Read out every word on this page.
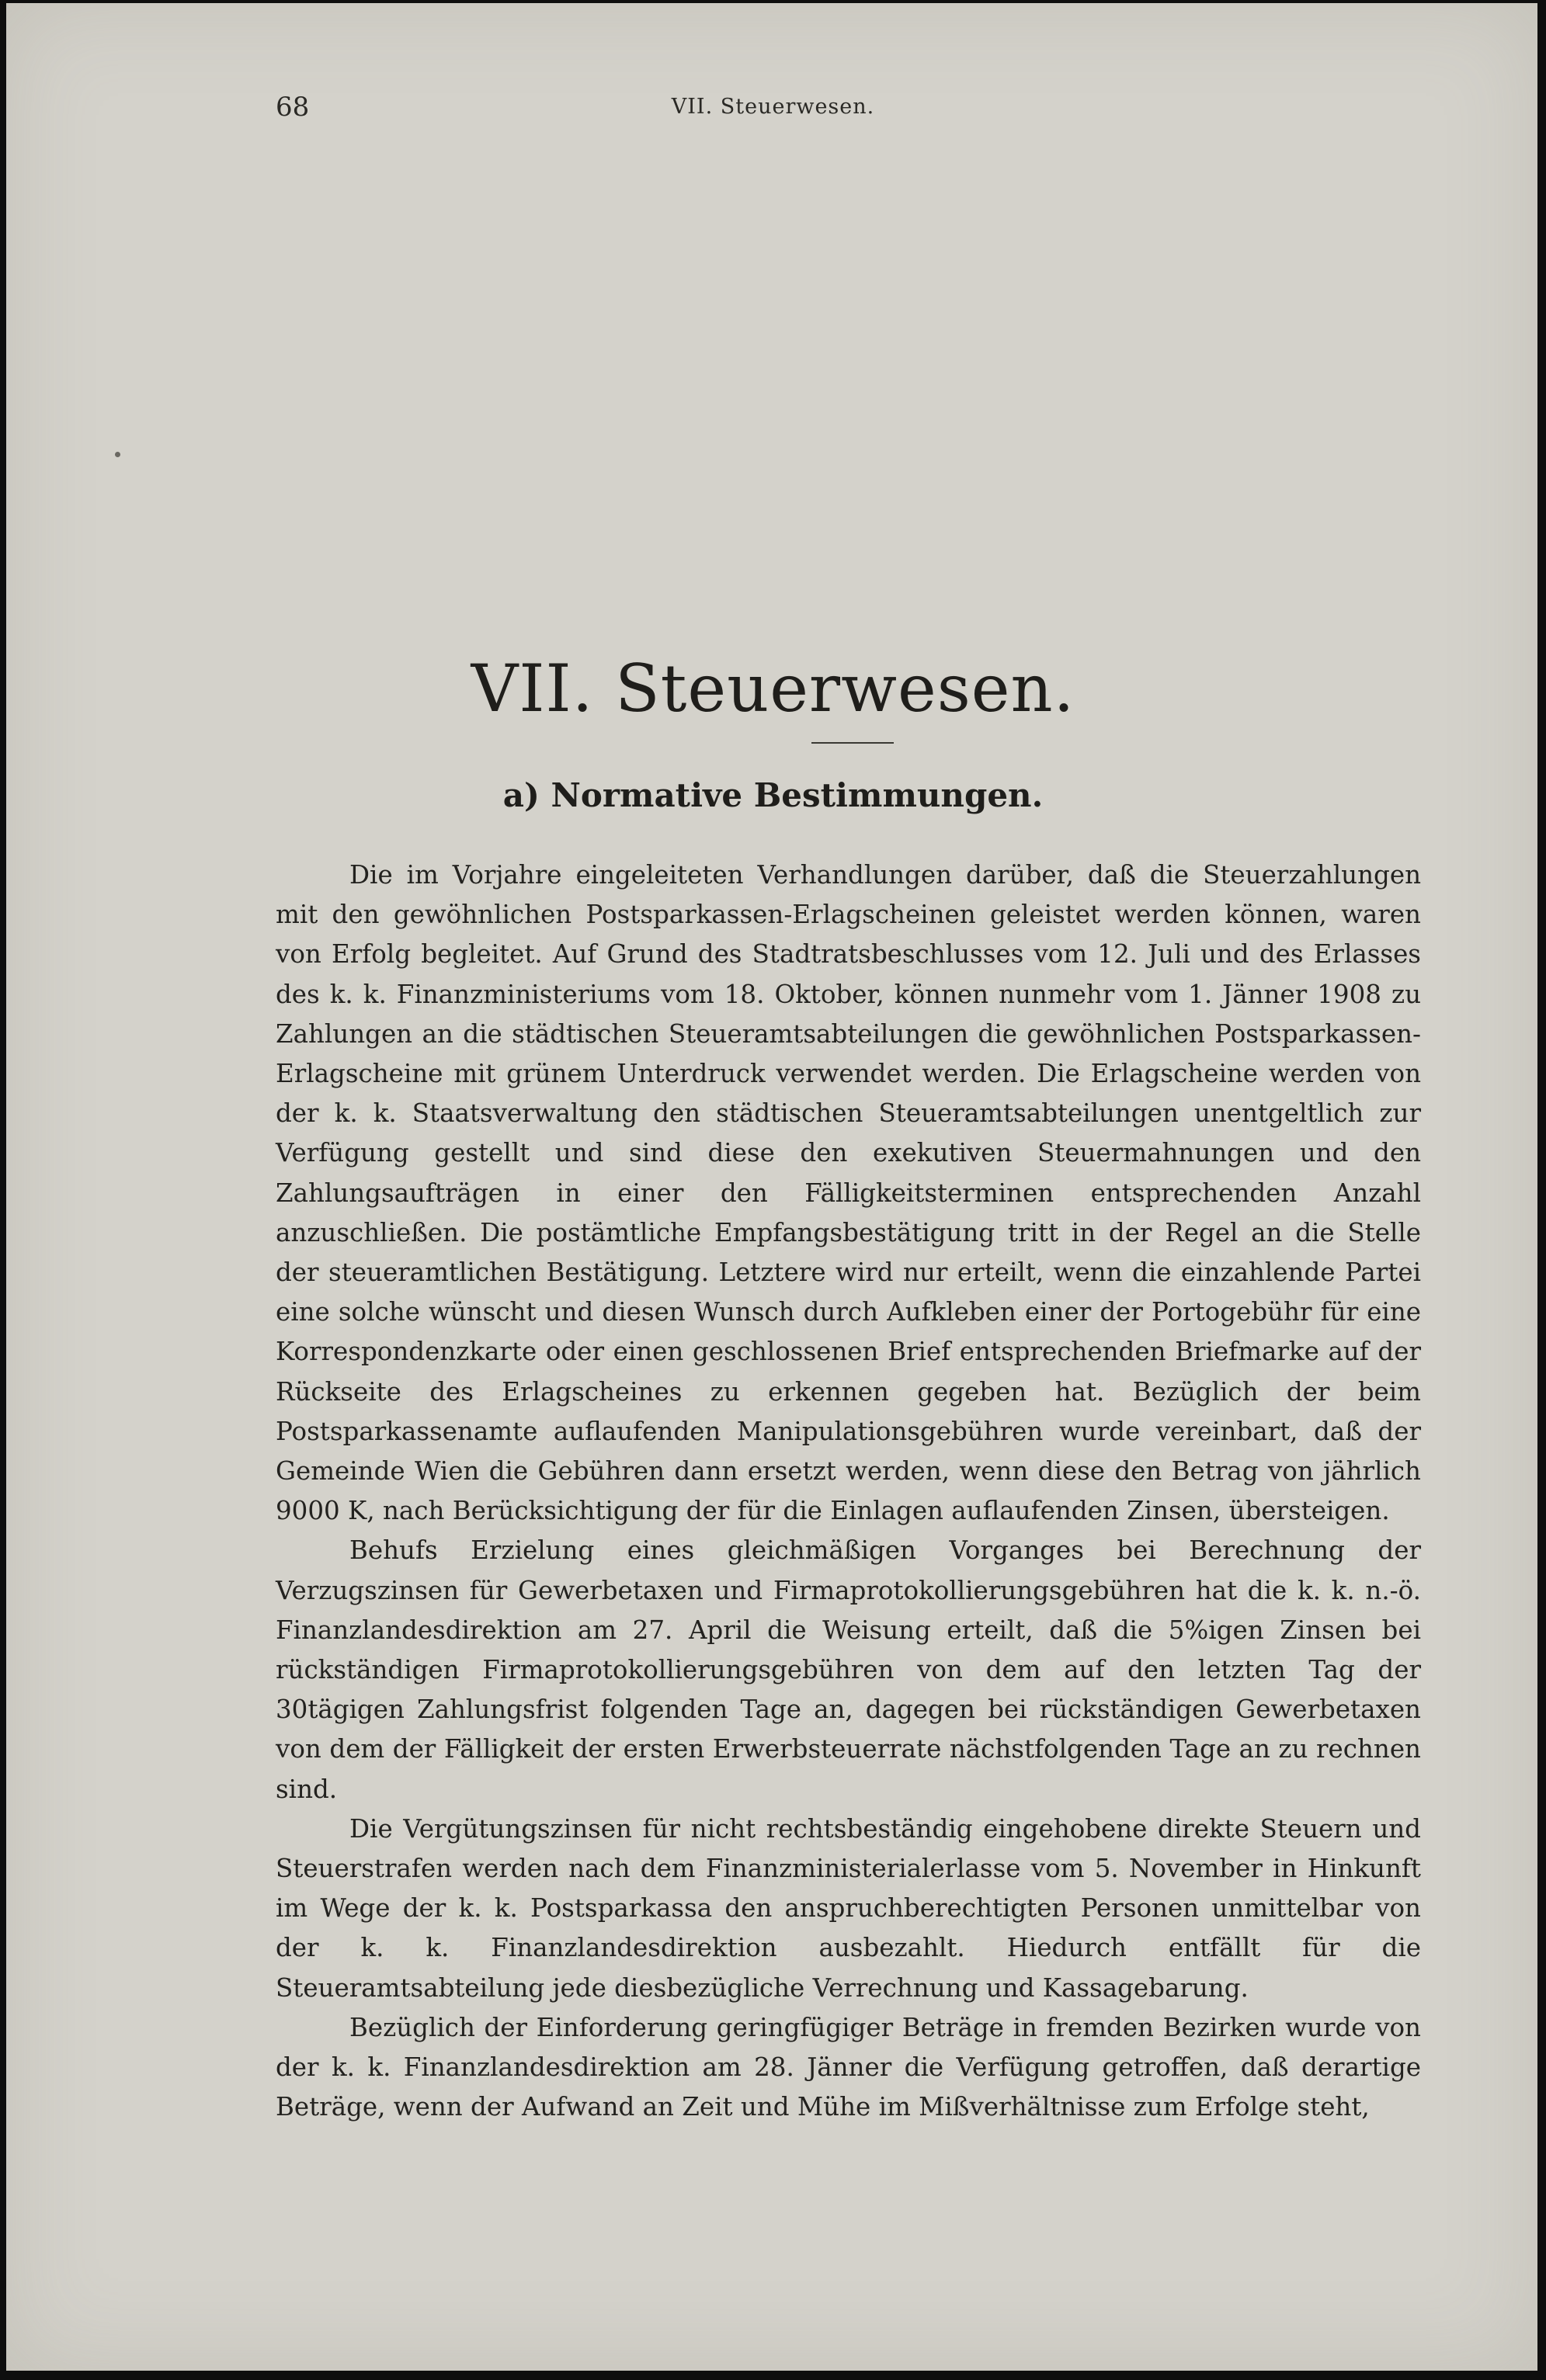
68	VII. Steuerwesen.
VII. Steuerwesen.
a) Normative Bestimmungen.

Die im Vorjahre eingeleiteten Verhandlungen darüber, daß die Steuerzahlungen mit den gewöhnlichen Postsparkassen-Erlagscheinen geleistet werden können, waren von Erfolg begleitet. Auf Grund des Stadtratsbeschlusses vom 12. Juli und des Erlasses des k. k. Finanzministeriums vom 18. Oktober, können nunmehr vom 1. Jänner 1908 zu Zahlungen an die städtischen Steueramtsabteilungen die gewöhnlichen Postsparkassen-Erlagscheine mit grünem Unterdruck verwendet werden. Die Erlagscheine werden von der k. k. Staatsverwaltung den städtischen Steueramtsabteilungen unentgeltlich zur Verfügung gestellt und sind diese den exekutiven Steuermahnungen und den Zahlungsaufträgen in einer den Fälligkeitsterminen entsprechenden Anzahl anzuschließen. Die postämtliche Empfangsbestätigung tritt in der Regel an die Stelle der steueramtlichen Bestätigung. Letztere wird nur erteilt, wenn die einzahlende Partei eine solche wünscht und diesen Wunsch durch Aufkleben einer der Portogebühr für eine Korrespondenzkarte oder einen geschlossenen Brief entsprechenden Briefmarke auf der Rückseite des Erlagscheines zu erkennen gegeben hat. Bezüglich der beim Postsparkassenamte auflaufenden Manipulationsgebühren wurde vereinbart, daß der Gemeinde Wien die Gebühren dann ersetzt werden, wenn diese den Betrag von jährlich 9000 K, nach Berücksichtigung der für die Einlagen auflaufenden Zinsen, übersteigen.

Behufs Erzielung eines gleichmäßigen Vorganges bei Berechnung der Verzugszinsen für Gewerbetaxen und Firmaprotokollierungsgebühren hat die k. k. n.-ö. Finanzlandesdirektion am 27. April die Weisung erteilt, daß die 5%igen Zinsen bei rückständigen Firmaprotokollierungsgebühren von dem auf den letzten Tag der 30tägigen Zahlungsfrist folgenden Tage an, dagegen bei rückständigen Gewerbetaxen von dem der Fälligkeit der ersten Erwerbsteuerrate nächstfolgenden Tage an zu rechnen sind.

Die Vergütungszinsen für nicht rechtsbeständig eingehobene direkte Steuern und Steuerstrafen werden nach dem Finanzministerialerlasse vom 5. November in Hinkunft im Wege der k. k. Postsparkassa den anspruchberechtigten Personen unmittelbar von der k. k. Finanzlandesdirektion ausbezahlt. Hiedurch entfällt für die Steueramtsabteilung jede diesbezügliche Verrechnung und Kassagebarung.

Bezüglich der Einforderung geringfügiger Beträge in fremden Bezirken wurde von der k. k. Finanzlandesdirektion am 28. Jänner die Verfügung getroffen, daß derartige Beträge, wenn der Aufwand an Zeit und Mühe im Mißverhältnisse zum Erfolge steht,
